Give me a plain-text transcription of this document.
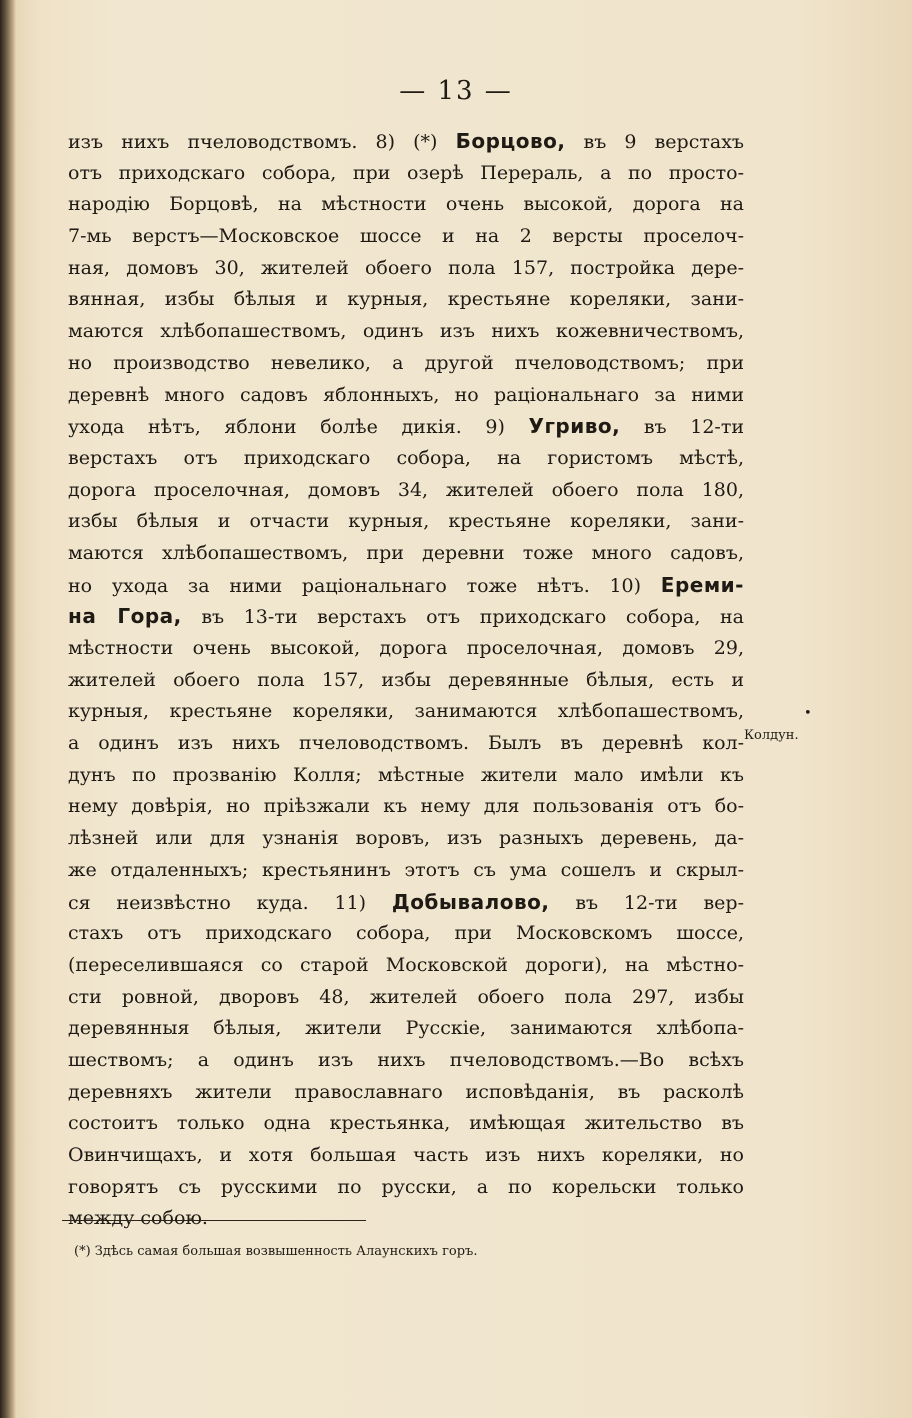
— 13 —
изъ нихъ пчеловодствомъ. 8) (*) Борцово, въ 9 верстахъ
отъ приходскаго собора, при озерѣ Перераль, а по просто-
народію Борцовѣ, на мѣстности очень высокой, дорога на
7-мь верстъ—Московское шоссе и на 2 версты проселоч-
ная, домовъ 30, жителей обоего пола 157, постройка дере-
вянная, избы бѣлыя и курныя, крестьяне кореляки, зани-
маются хлѣбопашествомъ, одинъ изъ нихъ кожевничествомъ,
но производство невелико, а другой пчеловодствомъ; при
деревнѣ много садовъ яблонныхъ, но раціональнаго за ними
ухода нѣтъ, яблони болѣе дикія. 9) Угриво, въ 12-ти
верстахъ отъ приходскаго собора, на гористомъ мѣстѣ,
дорога проселочная, домовъ 34, жителей обоего пола 180,
избы бѣлыя и отчасти курныя, крестьяне кореляки, зани-
маются хлѣбопашествомъ, при деревни тоже много садовъ,
но ухода за ними раціональнаго тоже нѣтъ. 10) Ереми-
на Гора, въ 13-ти верстахъ отъ приходскаго собора, на
мѣстности очень высокой, дорога проселочная, домовъ 29,
жителей обоего пола 157, избы деревянные бѣлыя, есть и
курныя, крестьяне кореляки, занимаются хлѣбопашествомъ,
а одинъ изъ нихъ пчеловодствомъ. Былъ въ деревнѣ кол-
дунъ по прозванію Колля; мѣстные жители мало имѣли къ
нему довѣрія, но пріѣзжали къ нему для пользованія отъ бо-
лѣзней или для узнанія воровъ, изъ разныхъ деревень, да-
же отдаленныхъ; крестьянинъ этотъ съ ума сошелъ и скрыл-
ся неизвѣстно куда. 11) Добывалово, въ 12-ти вер-
стахъ отъ приходскаго собора, при Московскомъ шоссе,
(переселившаяся со старой Московской дороги), на мѣстно-
сти ровной, дворовъ 48, жителей обоего пола 297, избы
деревянныя бѣлыя, жители Русскіе, занимаются хлѣбопа-
шествомъ; а одинъ изъ нихъ пчеловодствомъ.—Во всѣхъ
деревняхъ жители православнаго исповѣданія, въ расколѣ
состоитъ только одна крестьянка, имѣющая жительство въ
Овинчищахъ, и хотя большая часть изъ нихъ кореляки, но
говорятъ съ русскими по русски, а по корельски только
между собою.
•
Колдун.
(*) Здѣсь самая большая возвышенность Алаунскихъ горъ.
